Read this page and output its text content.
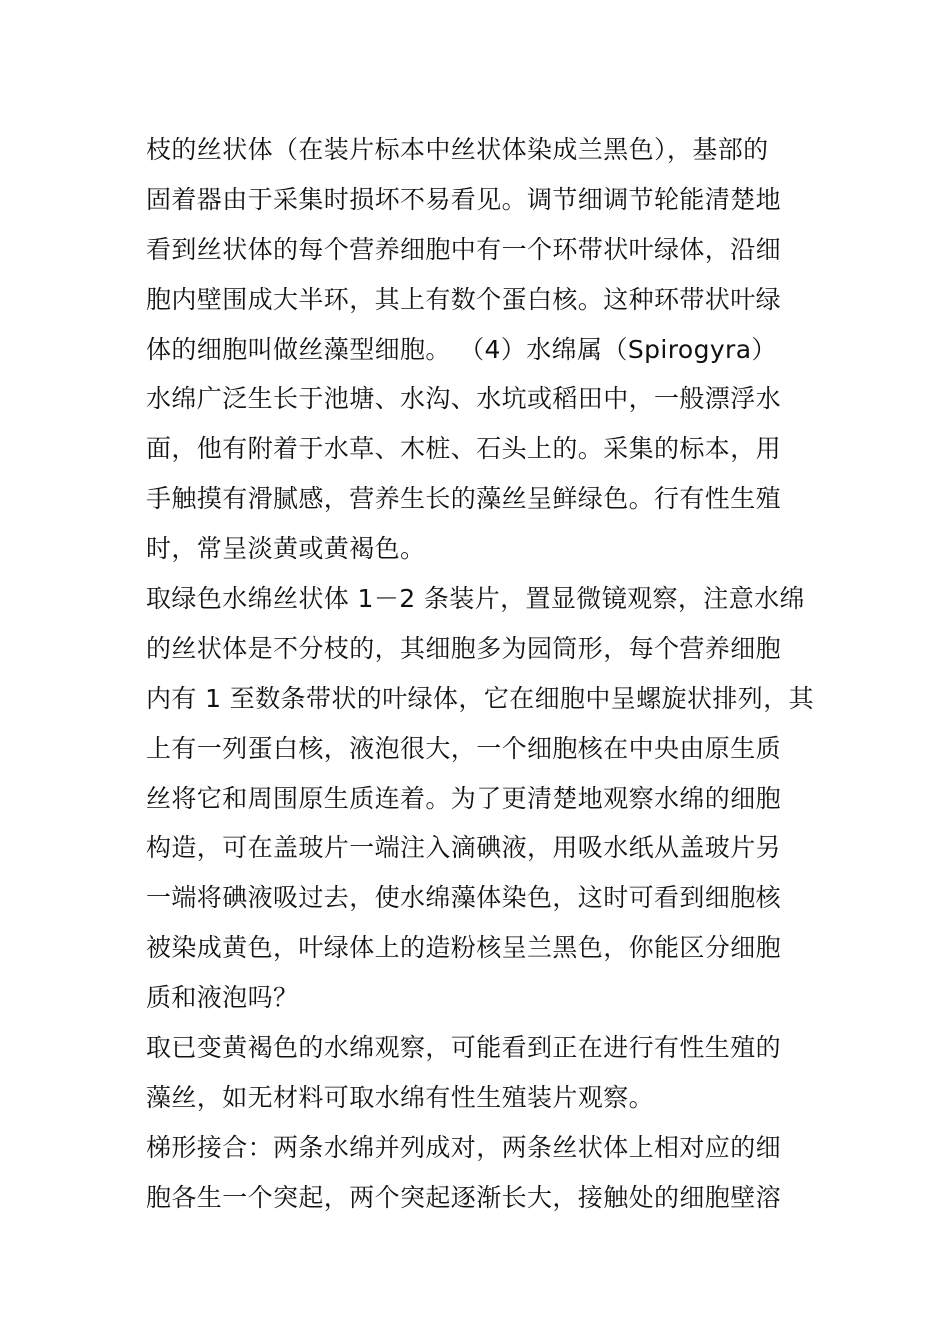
枝的丝状体（在装片标本中丝状体染成兰黑色），基部的
固着器由于采集时损坏不易看见。调节细调节轮能清楚地
看到丝状体的每个营养细胞中有一个环带状叶绿体，沿细
胞内壁围成大半环，其上有数个蛋白核。这种环带状叶绿
体的细胞叫做丝藻型细胞。 （4）水绵属（Spirogyra）
水绵广泛生长于池塘、水沟、水坑或稻田中，一般漂浮水
面，他有附着于水草、木桩、石头上的。采集的标本，用
手触摸有滑腻感，营养生长的藻丝呈鲜绿色。行有性生殖
时，常呈淡黄或黄褐色。
取绿色水绵丝状体 1－2 条装片，置显微镜观察，注意水绵
的丝状体是不分枝的，其细胞多为园筒形，每个营养细胞
内有 1 至数条带状的叶绿体，它在细胞中呈螺旋状排列，其
上有一列蛋白核，液泡很大，一个细胞核在中央由原生质
丝将它和周围原生质连着。为了更清楚地观察水绵的细胞
构造，可在盖玻片一端注入滴碘液，用吸水纸从盖玻片另
一端将碘液吸过去，使水绵藻体染色，这时可看到细胞核
被染成黄色，叶绿体上的造粉核呈兰黑色，你能区分细胞
质和液泡吗？
取已变黄褐色的水绵观察，可能看到正在进行有性生殖的
藻丝，如无材料可取水绵有性生殖装片观察。
梯形接合：两条水绵并列成对，两条丝状体上相对应的细
胞各生一个突起，两个突起逐渐长大，接触处的细胞壁溶
